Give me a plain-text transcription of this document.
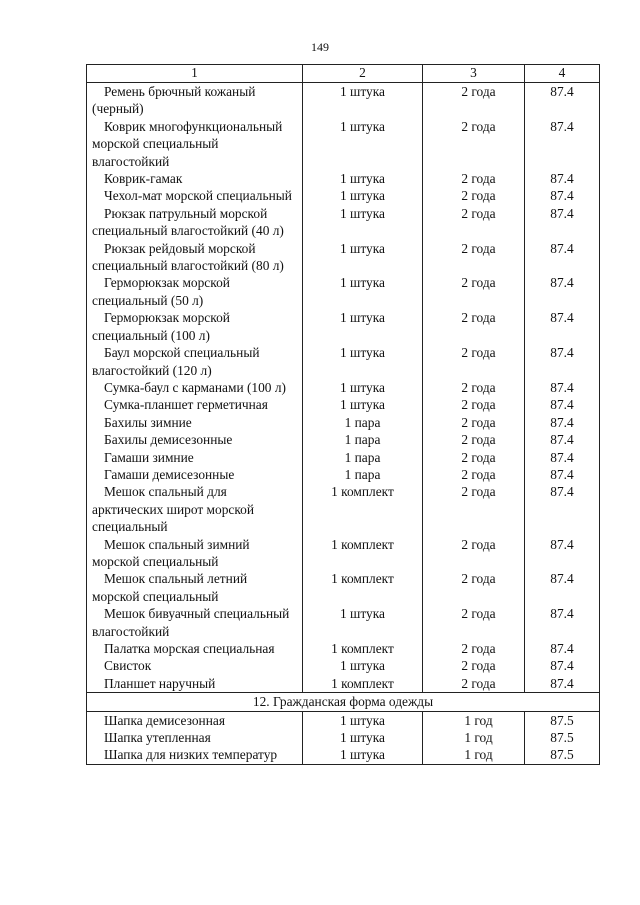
149
1	2	3	4
Ремень брючный кожаный (черный)	1 штука	2 года	87.4
Коврик многофункциональный морской специальный влагостойкий	1 штука	2 года	87.4
Коврик-гамак	1 штука	2 года	87.4
Чехол-мат морской специальный	1 штука	2 года	87.4
Рюкзак патрульный морской специальный влагостойкий (40 л)	1 штука	2 года	87.4
Рюкзак рейдовый морской специальный влагостойкий (80 л)	1 штука	2 года	87.4
Герморюкзак морской специальный (50 л)	1 штука	2 года	87.4
Герморюкзак морской специальный (100 л)	1 штука	2 года	87.4
Баул морской специальный влагостойкий (120 л)	1 штука	2 года	87.4
Сумка-баул с карманами (100 л)	1 штука	2 года	87.4
Сумка-планшет герметичная	1 штука	2 года	87.4
Бахилы зимние	1 пара	2 года	87.4
Бахилы демисезонные	1 пара	2 года	87.4
Гамаши зимние	1 пара	2 года	87.4
Гамаши демисезонные	1 пара	2 года	87.4
Мешок спальный для арктических широт морской специальный	1 комплект	2 года	87.4
Мешок спальный зимний морской специальный	1 комплект	2 года	87.4
Мешок спальный летний морской специальный	1 комплект	2 года	87.4
Мешок бивуачный специальный влагостойкий	1 штука	2 года	87.4
Палатка морская специальная	1 комплект	2 года	87.4
Свисток	1 штука	2 года	87.4
Планшет наручный	1 комплект	2 года	87.4
12. Гражданская форма одежды			
Шапка демисезонная	1 штука	1 год	87.5
Шапка утепленная	1 штука	1 год	87.5
Шапка для низких температур	1 штука	1 год	87.5
